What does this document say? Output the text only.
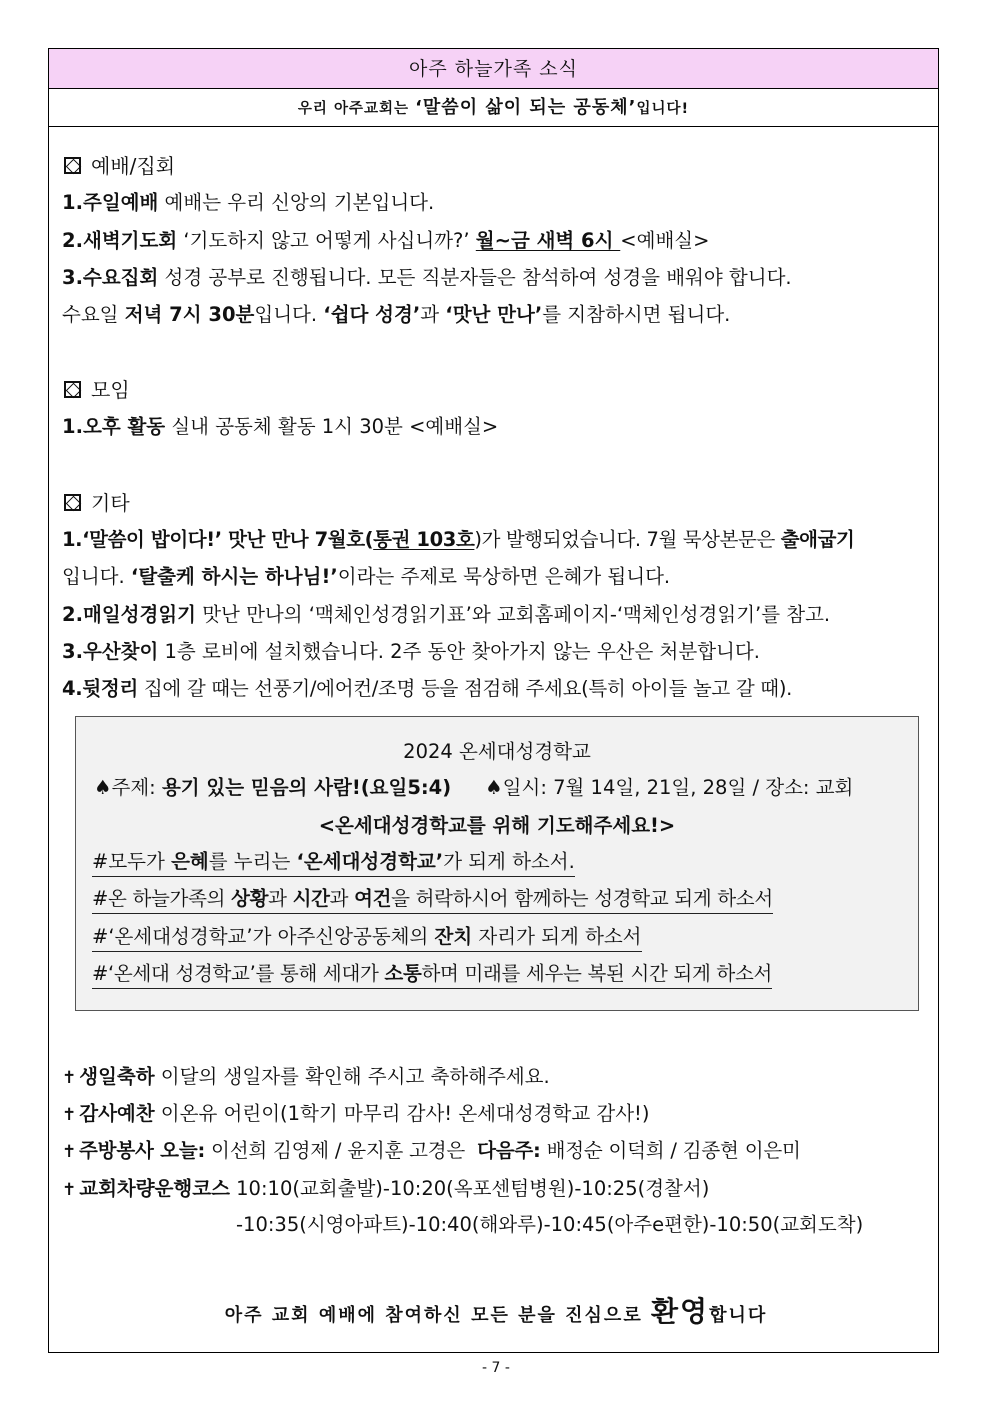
아주 하늘가족 소식
우리 아주교회는 ‘말씀이 삶이 되는 공동체’입니다!
예배/집회
1.주일예배 예배는 우리 신앙의 기본입니다.
2.새벽기도회 ‘기도하지 않고 어떻게 사십니까?’ 월~금 새벽 6시 <예배실>
3.수요집회 성경 공부로 진행됩니다. 모든 직분자들은 참석하여 성경을 배워야 합니다.
수요일 저녁 7시 30분입니다. ‘쉽다 성경’과 ‘맛난 만나’를 지참하시면 됩니다.
모임
1.오후 활동 실내 공동체 활동 1시 30분 <예배실>
기타
1.‘말씀이 밥이다!’ 맛난 만나 7월호(통권 103호)가 발행되었습니다. 7월 묵상본문은 출애굽기
입니다. ‘탈출케 하시는 하나님!’이라는 주제로 묵상하면 은혜가 됩니다.
2.매일성경읽기 맛난 만나의 ‘맥체인성경읽기표’와 교회홈페이지-‘맥체인성경읽기’를 참고.
3.우산찾이 1층 로비에 설치했습니다. 2주 동안 찾아가지 않는 우산은 처분합니다.
4.뒷정리 집에 갈 때는 선풍기/에어컨/조명 등을 점검해 주세요(특히 아이들 놀고 갈 때).
2024 온세대성경학교
♠주제: 용기 있는 믿음의 사람!(요일5:4) ♠일시: 7월 14일, 21일, 28일 / 장소: 교회
<온세대성경학교를 위해 기도해주세요!>
#모두가 은혜를 누리는 ‘온세대성경학교’가 되게 하소서.
#온 하늘가족의 상황과 시간과 여건을 허락하시어 함께하는 성경학교 되게 하소서
#‘온세대성경학교’가 아주신앙공동체의 잔치 자리가 되게 하소서
#‘온세대 성경학교’를 통해 세대가 소통하며 미래를 세우는 복된 시간 되게 하소서
✝ 생일축하 이달의 생일자를 확인해 주시고 축하해주세요.
✝ 감사예찬 이온유 어린이(1학기 마무리 감사! 온세대성경학교 감사!)
✝ 주방봉사 오늘: 이선희 김영제 / 윤지훈 고경은 다음주: 배정순 이덕희 / 김종현 이은미
✝ 교회차량운행코스 10:10(교회출발)-10:20(옥포센텀병원)-10:25(경찰서)
-10:35(시영아파트)-10:40(해와루)-10:45(아주e편한)-10:50(교회도착)
아주 교회 예배에 참여하신 모든 분을 진심으로 환영합니다
- 7 -
